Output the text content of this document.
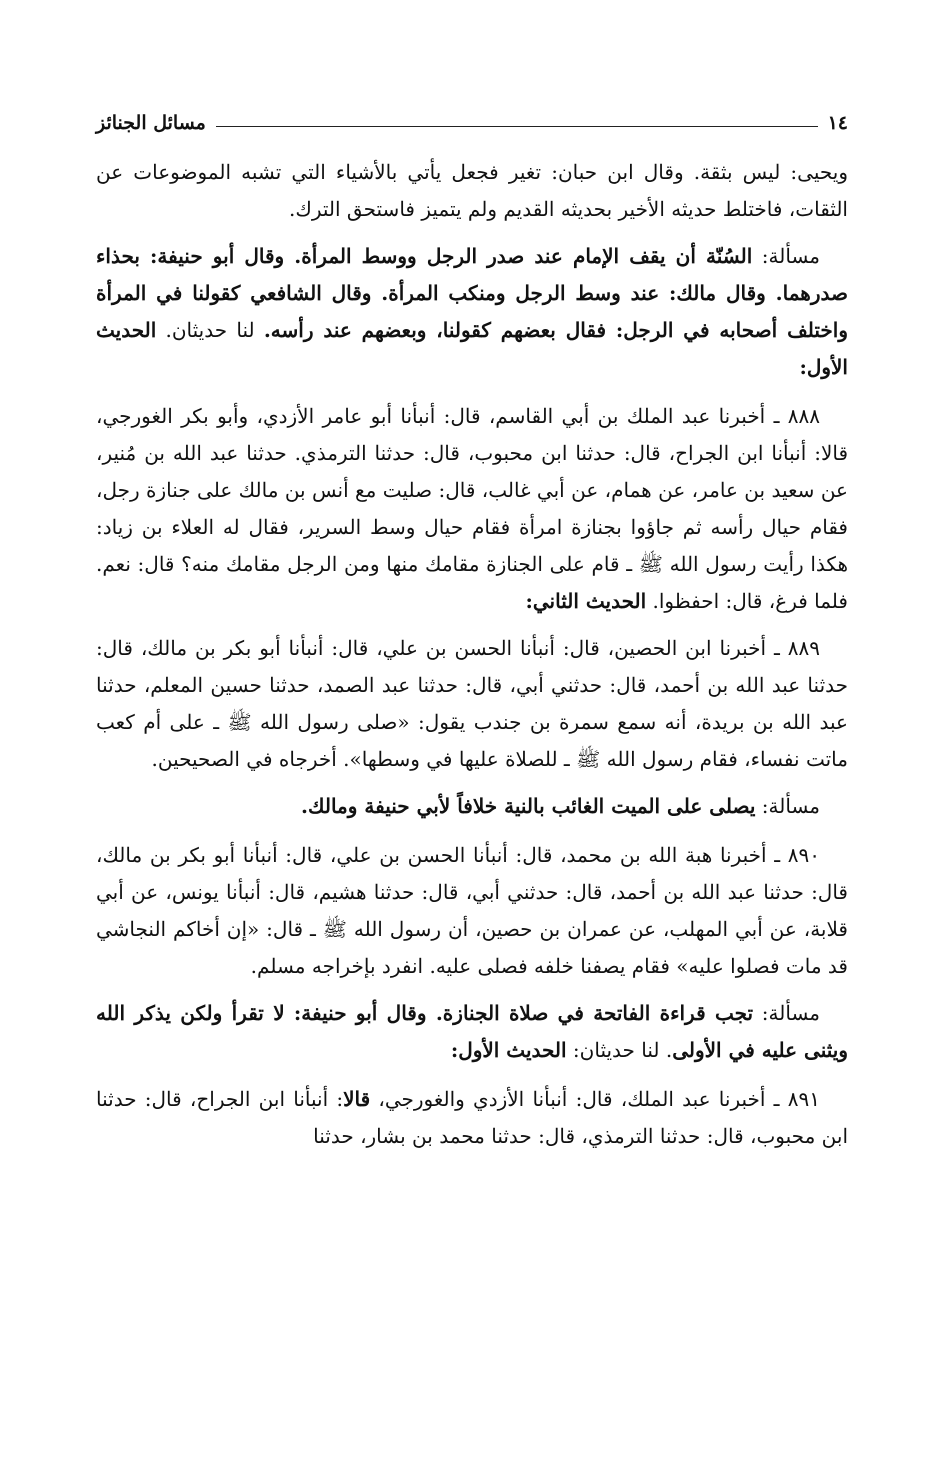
١٤
مسائل الجنائز

ويحيى: ليس بثقة. وقال ابن حبان: تغير فجعل يأتي بالأشياء التي تشبه الموضوعات عن الثقات، فاختلط حديثه الأخير بحديثه القديم ولم يتميز فاستحق الترك.

مسألة: السُنّة أن يقف الإمام عند صدر الرجل ووسط المرأة. وقال أبو حنيفة: بحذاء صدرهما. وقال مالك: عند وسط الرجل ومنكب المرأة. وقال الشافعي كقولنا في المرأة واختلف أصحابه في الرجل: فقال بعضهم كقولنا، وبعضهم عند رأسه. لنا حديثان. الحديث الأول:

٨٨٨ ـ أخبرنا عبد الملك بن أبي القاسم، قال: أنبأنا أبو عامر الأزدي، وأبو بكر الغورجي، قالا: أنبأنا ابن الجراح، قال: حدثنا ابن محبوب، قال: حدثنا الترمذي. حدثنا عبد الله بن مُنير، عن سعيد بن عامر، عن همام، عن أبي غالب، قال: صليت مع أنس بن مالك على جنازة رجل، فقام حيال رأسه ثم جاؤوا بجنازة امرأة فقام حيال وسط السرير، فقال له العلاء بن زياد: هكذا رأيت رسول الله ﷺ ـ قام على الجنازة مقامك منها ومن الرجل مقامك منه؟ قال: نعم. فلما فرغ، قال: احفظوا. الحديث الثاني:

٨٨٩ ـ أخبرنا ابن الحصين، قال: أنبأنا الحسن بن علي، قال: أنبأنا أبو بكر بن مالك، قال: حدثنا عبد الله بن أحمد، قال: حدثني أبي، قال: حدثنا عبد الصمد، حدثنا حسين المعلم، حدثنا عبد الله بن بريدة، أنه سمع سمرة بن جندب يقول: «صلى رسول الله ﷺ ـ على أم كعب ماتت نفساء، فقام رسول الله ﷺ ـ للصلاة عليها في وسطها». أخرجاه في الصحيحين.

مسألة: يصلى على الميت الغائب بالنية خلافاً لأبي حنيفة ومالك.

٨٩٠ ـ أخبرنا هبة الله بن محمد، قال: أنبأنا الحسن بن علي، قال: أنبأنا أبو بكر بن مالك، قال: حدثنا عبد الله بن أحمد، قال: حدثني أبي، قال: حدثنا هشيم، قال: أنبأنا يونس، عن أبي قلابة، عن أبي المهلب، عن عمران بن حصين، أن رسول الله ﷺ ـ قال: «إن أخاكم النجاشي قد مات فصلوا عليه» فقام يصفنا خلفه فصلى عليه. انفرد بإخراجه مسلم.

مسألة: تجب قراءة الفاتحة في صلاة الجنازة. وقال أبو حنيفة: لا تقرأ ولكن يذكر الله ويثنى عليه في الأولى. لنا حديثان: الحديث الأول:

٨٩١ ـ أخبرنا عبد الملك، قال: أنبأنا الأزدي والغورجي، قالا: أنبأنا ابن الجراح، قال: حدثنا ابن محبوب، قال: حدثنا الترمذي، قال: حدثنا محمد بن بشار، حدثنا
